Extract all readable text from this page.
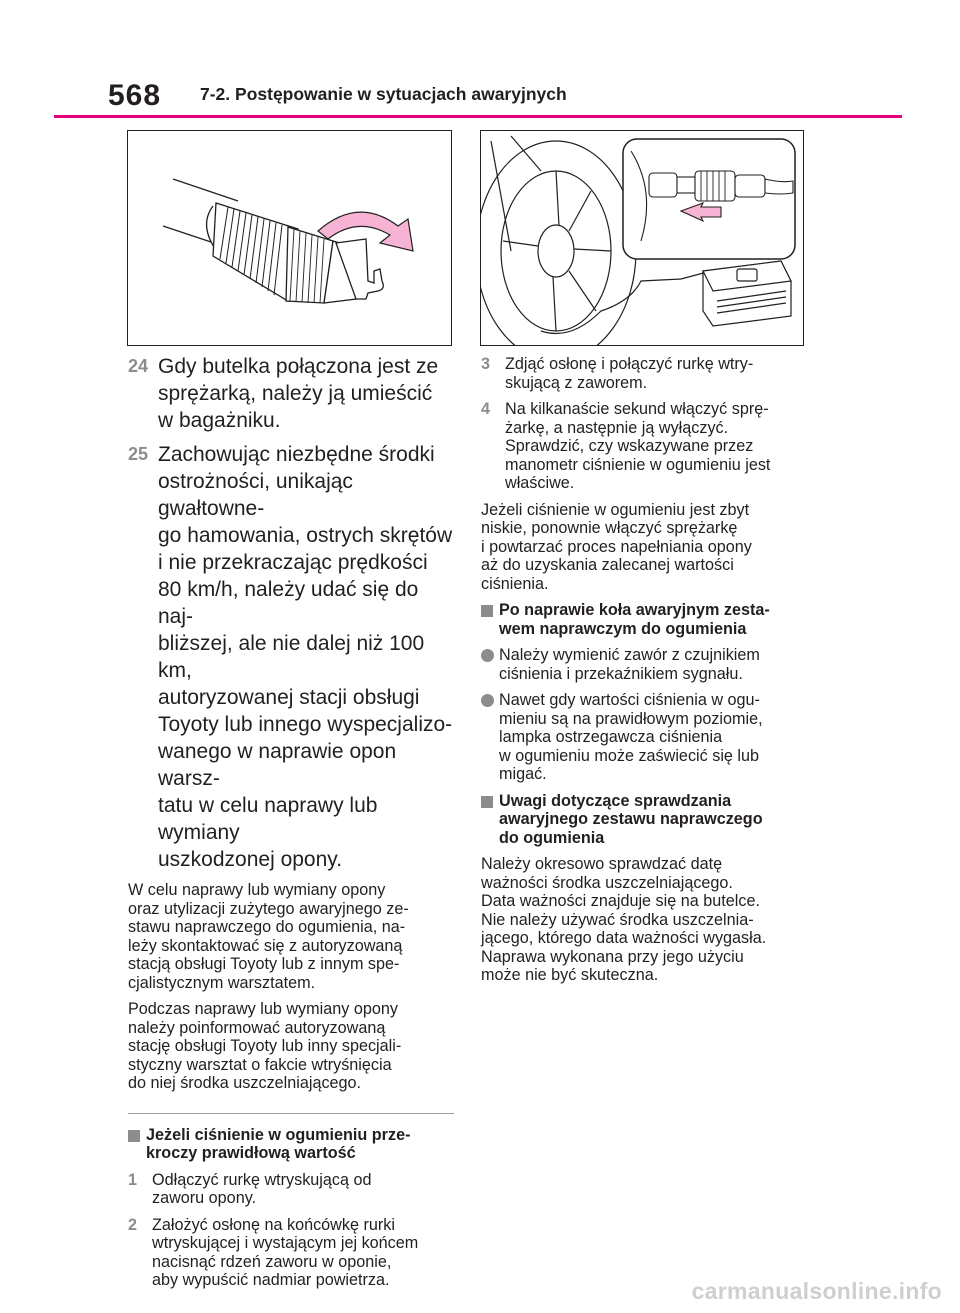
568 7-2. Postępowanie w sytuacjach awaryjnych
24 Gdy butelka połączona jest ze
sprężarką, należy ją umieścić
w bagażniku.
25 Zachowując niezbędne środki
ostrożności, unikając gwałtowne-
go hamowania, ostrych skrętów
i nie przekraczając prędkości
80 km/h, należy udać się do naj-
bliższej, ale nie dalej niż 100 km,
autoryzowanej stacji obsługi
Toyoty lub innego wyspecjalizo-
wanego w naprawie opon warsz-
tatu w celu naprawy lub wymiany
uszkodzonej opony.

W celu naprawy lub wymiany opony
oraz utylizacji zużytego awaryjnego ze-
stawu naprawczego do ogumienia, na-
leży skontaktować się z autoryzowaną
stacją obsługi Toyoty lub z innym spe-
cjalistycznym warsztatem.

Podczas naprawy lub wymiany opony
należy poinformować autoryzowaną
stację obsługi Toyoty lub inny specjali-
styczny warsztat o fakcie wtryśnięcia
do niej środka uszczelniającego.

Jeżeli ciśnienie w ogumieniu prze-
kroczy prawidłową wartość
1 Odłączyć rurkę wtryskującą od
zaworu opony.
2 Założyć osłonę na końcówkę rurki
wtryskującej i wystającym jej końcem
nacisnąć rdzeń zaworu w oponie,
aby wypuścić nadmiar powietrza.
3 Zdjąć osłonę i połączyć rurkę wtry-
skującą z zaworem.
4 Na kilkanaście sekund włączyć sprę-
żarkę, a następnie ją wyłączyć.
Sprawdzić, czy wskazywane przez
manometr ciśnienie w ogumieniu jest
właściwe.

Jeżeli ciśnienie w ogumieniu jest zbyt
niskie, ponownie włączyć sprężarkę
i powtarzać proces napełniania opony
aż do uzyskania zalecanej wartości
ciśnienia.

Po naprawie koła awaryjnym zesta-
wem naprawczym do ogumienia
Należy wymienić zawór z czujnikiem
ciśnienia i przekaźnikiem sygnału.
Nawet gdy wartości ciśnienia w ogu-
mieniu są na prawidłowym poziomie,
lampka ostrzegawcza ciśnienia
w ogumieniu może zaświecić się lub
migać.
Uwagi dotyczące sprawdzania
awaryjnego zestawu naprawczego
do ogumienia

Należy okresowo sprawdzać datę
ważności środka uszczelniającego.
Data ważności znajduje się na butelce.
Nie należy używać środka uszczelnia-
jącego, którego data ważności wygasła.
Naprawa wykonana przy jego użyciu
może nie być skuteczna.

carmanualsonline.info
